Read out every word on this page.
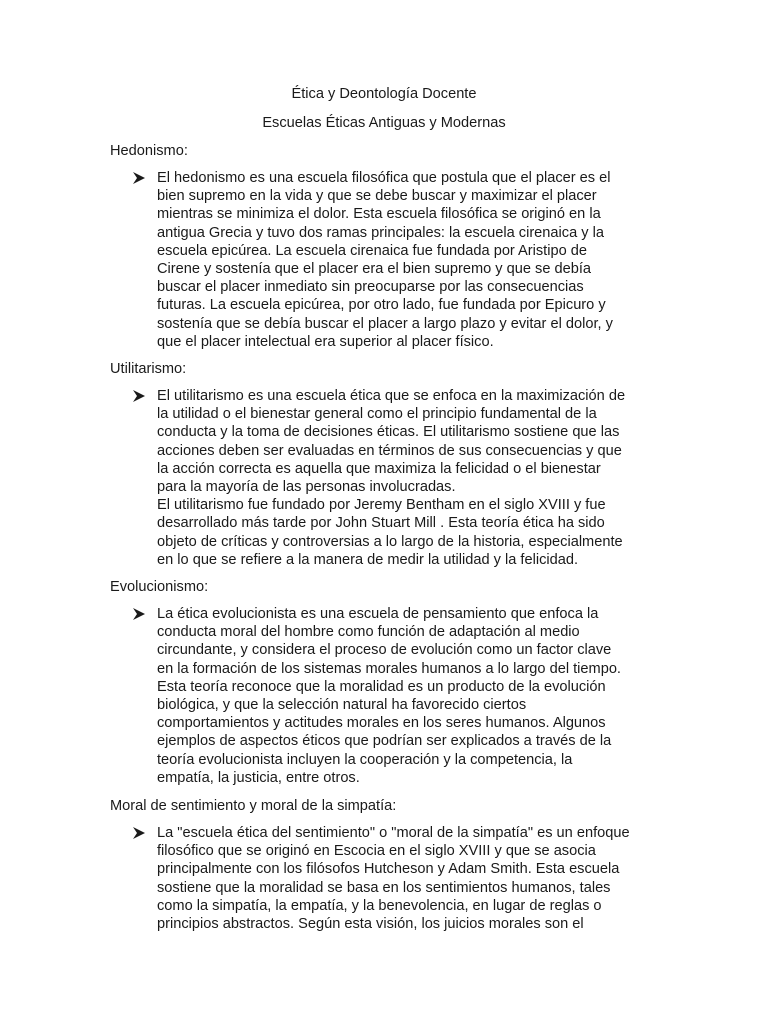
Ética y Deontología Docente
Escuelas Éticas Antiguas y Modernas
Hedonismo:
El hedonismo es una escuela filosófica que postula que el placer es el
bien supremo en la vida y que se debe buscar y maximizar el placer
mientras se minimiza el dolor. Esta escuela filosófica se originó en la
antigua Grecia y tuvo dos ramas principales: la escuela cirenaica y la
escuela epicúrea. La escuela cirenaica fue fundada por Aristipo de
Cirene y sostenía que el placer era el bien supremo y que se debía
buscar el placer inmediato sin preocuparse por las consecuencias
futuras. La escuela epicúrea, por otro lado, fue fundada por Epicuro y
sostenía que se debía buscar el placer a largo plazo y evitar el dolor, y
que el placer intelectual era superior al placer físico.
Utilitarismo:
El utilitarismo es una escuela ética que se enfoca en la maximización de
la utilidad o el bienestar general como el principio fundamental de la
conducta y la toma de decisiones éticas. El utilitarismo sostiene que las
acciones deben ser evaluadas en términos de sus consecuencias y que
la acción correcta es aquella que maximiza la felicidad o el bienestar
para la mayoría de las personas involucradas.
El utilitarismo fue fundado por Jeremy Bentham en el siglo XVIII y fue
desarrollado más tarde por John Stuart Mill . Esta teoría ética ha sido
objeto de críticas y controversias a lo largo de la historia, especialmente
en lo que se refiere a la manera de medir la utilidad y la felicidad.
Evolucionismo:
La ética evolucionista es una escuela de pensamiento que enfoca la
conducta moral del hombre como función de adaptación al medio
circundante, y considera el proceso de evolución como un factor clave
en la formación de los sistemas morales humanos a lo largo del tiempo.
Esta teoría reconoce que la moralidad es un producto de la evolución
biológica, y que la selección natural ha favorecido ciertos
comportamientos y actitudes morales en los seres humanos. Algunos
ejemplos de aspectos éticos que podrían ser explicados a través de la
teoría evolucionista incluyen la cooperación y la competencia, la
empatía, la justicia, entre otros.
Moral de sentimiento y moral de la simpatía:
La "escuela ética del sentimiento" o "moral de la simpatía" es un enfoque
filosófico que se originó en Escocia en el siglo XVIII y que se asocia
principalmente con los filósofos Hutcheson y Adam Smith. Esta escuela
sostiene que la moralidad se basa en los sentimientos humanos, tales
como la simpatía, la empatía, y la benevolencia, en lugar de reglas o
principios abstractos. Según esta visión, los juicios morales son el
